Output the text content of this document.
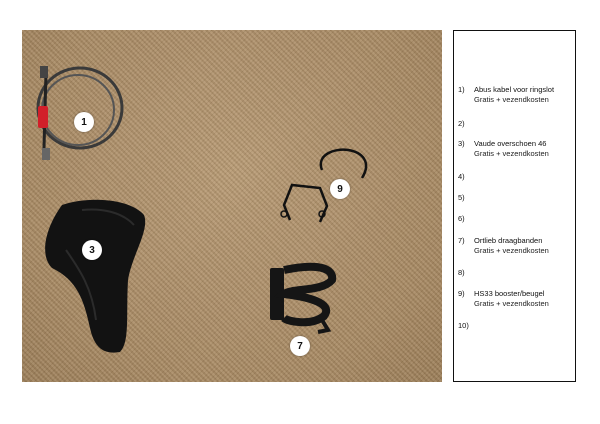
1
3
7
9
1)	Abus kabel voor ringslot
Gratis + vezendkosten
2)
3)	Vaude overschoen 46
Gratis + vezendkosten
4)
5)
6)
7)	Ortlieb draagbanden
Gratis + vezendkosten
8)
9)	HS33 booster/beugel
Gratis + vezendkosten
10)
